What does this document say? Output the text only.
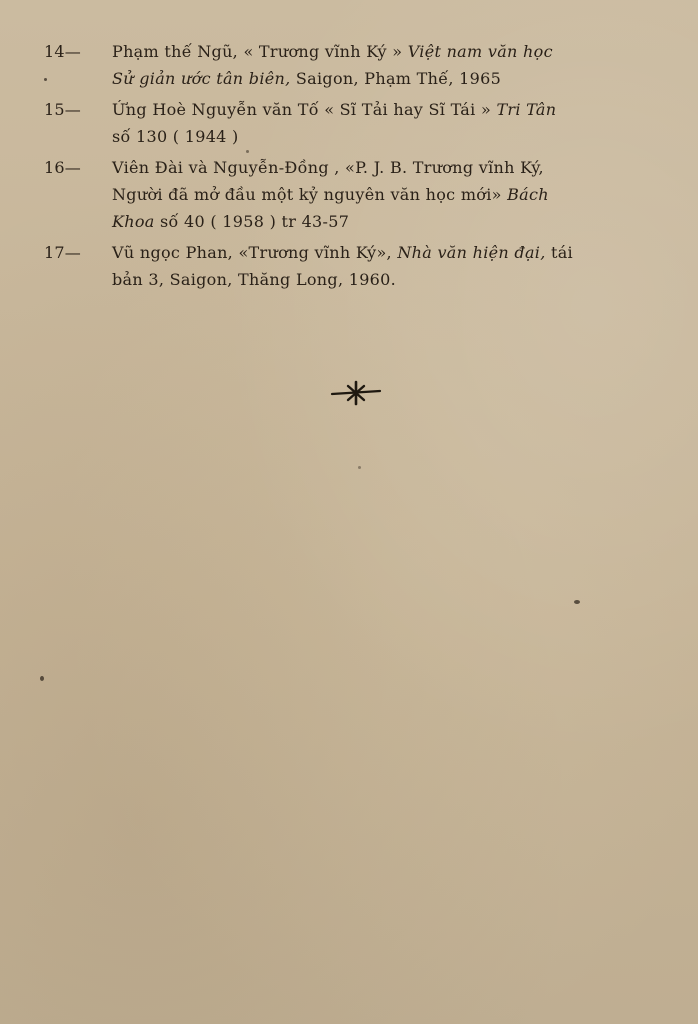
14—	Phạm thế Ngũ, « Trương vĩnh Ký » Việt nam văn học
Sử giản ước tân biên, Saigon, Phạm Thế, 1965
15—	Ứng Hoè Nguyễn văn Tố « Sĩ Tải hay Sĩ Tái » Tri Tân
số 130 ( 1944 )
16—	Viên Đài và Nguyễn-Đồng , «P. J. B. Trương vĩnh Ký,
Người đã mở đầu một kỷ nguyên văn học mới» Bách
Khoa số 40 ( 1958 ) tr 43-57
17—	Vũ ngọc Phan, «Trương vĩnh Ký», Nhà văn hiện đại, tái
bản 3, Saigon, Thăng Long, 1960.
